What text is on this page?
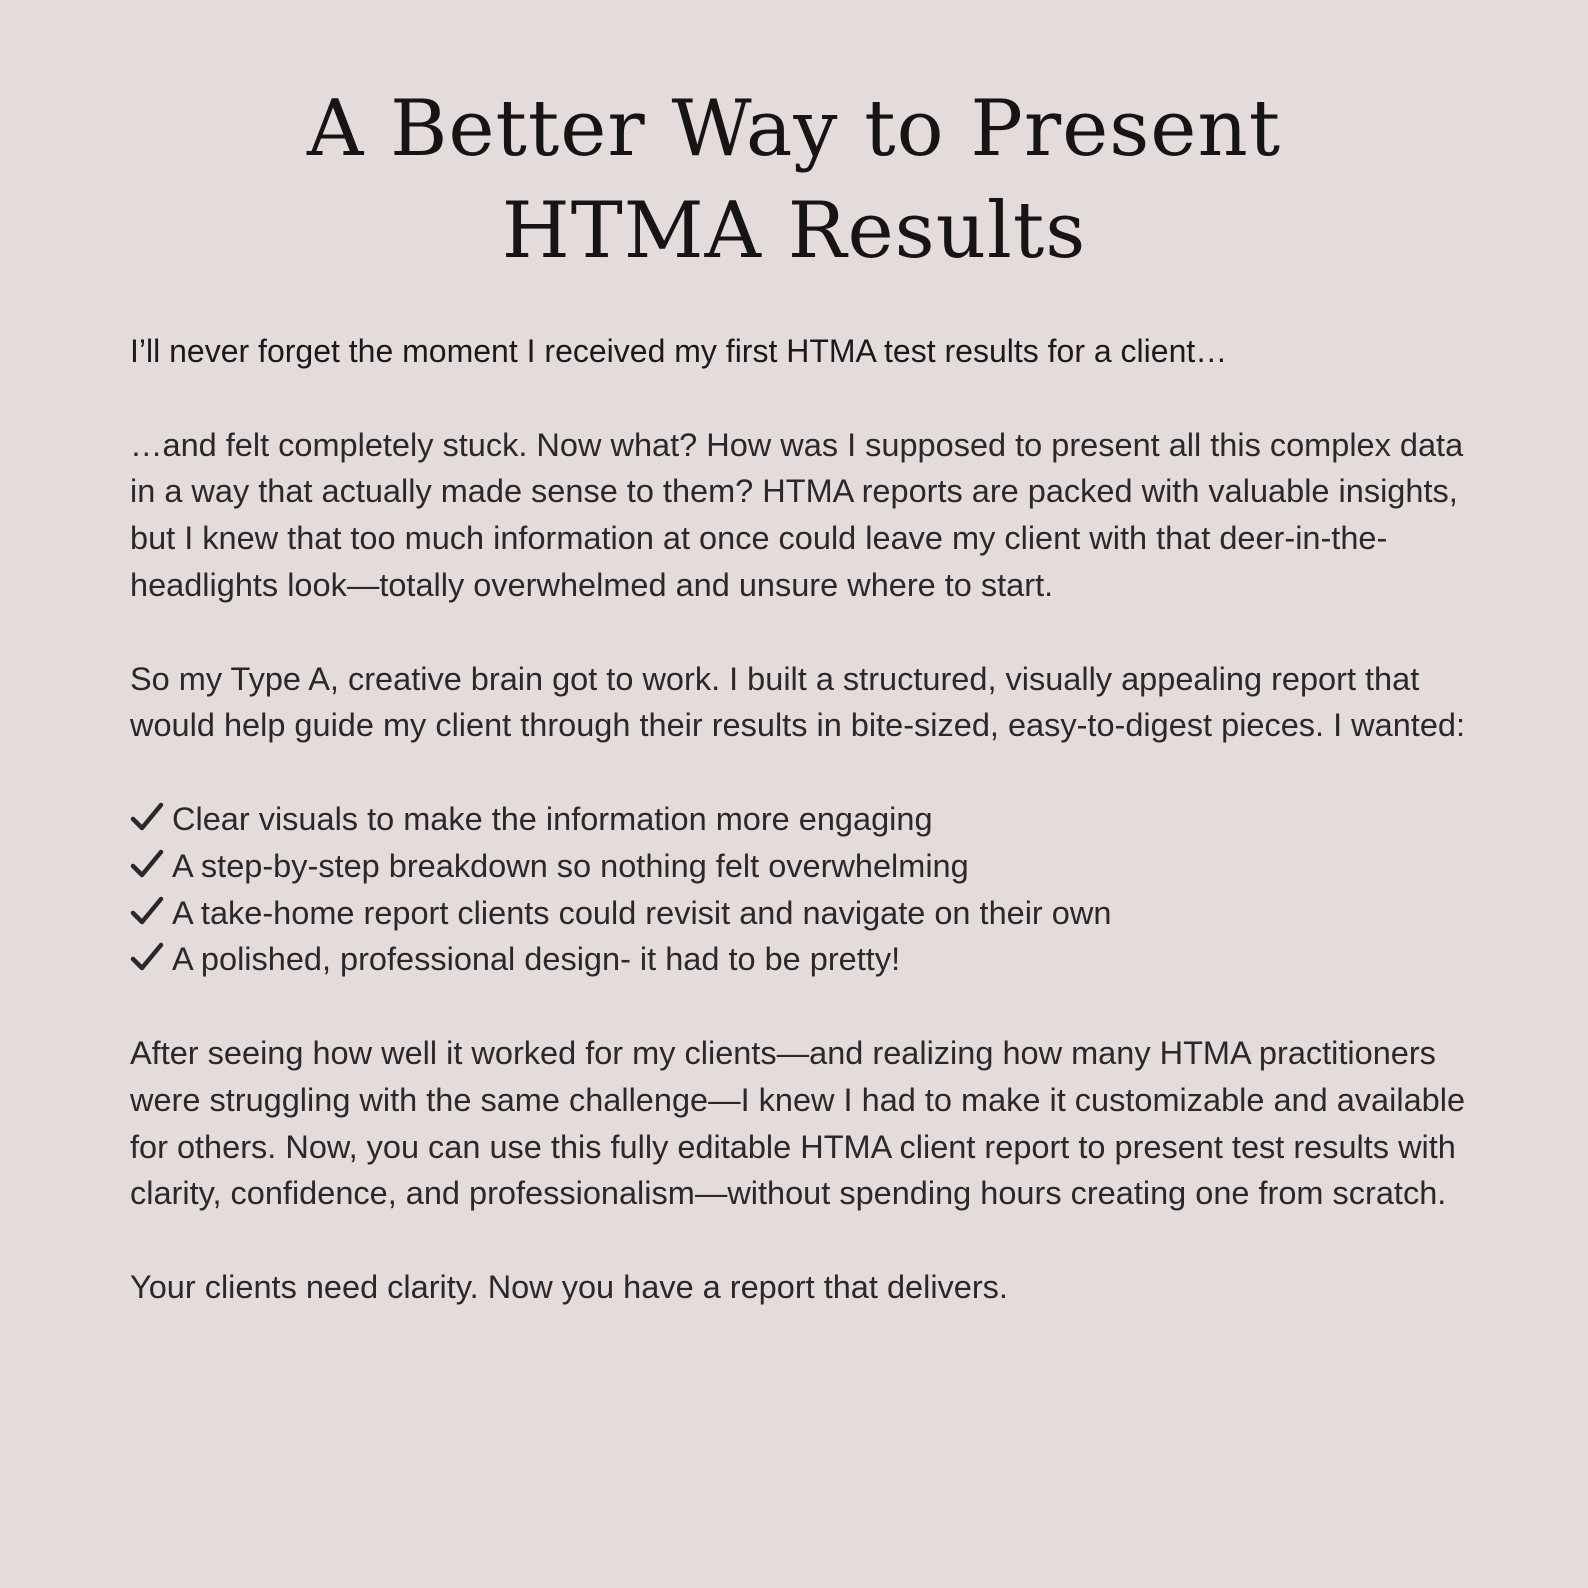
A Better Way to Present
HTMA Results

I’ll never forget the moment I received my first HTMA test results for a client…

…and felt completely stuck. Now what? How was I supposed to present all this complex data in a way that actually made sense to them? HTMA reports are packed with valuable insights, but I knew that too much information at once could leave my client with that deer-in-the-headlights look—totally overwhelmed and unsure where to start.

So my Type A, creative brain got to work. I built a structured, visually appealing report that would help guide my client through their results in bite-sized, easy-to-digest pieces. I wanted:

Clear visuals to make the information more engaging
A step-by-step breakdown so nothing felt overwhelming
A take-home report clients could revisit and navigate on their own
A polished, professional design- it had to be pretty!

After seeing how well it worked for my clients—and realizing how many HTMA practitioners were struggling with the same challenge—I knew I had to make it customizable and available for others. Now, you can use this fully editable HTMA client report to present test results with clarity, confidence, and professionalism—without spending hours creating one from scratch.

Your clients need clarity. Now you have a report that delivers.
